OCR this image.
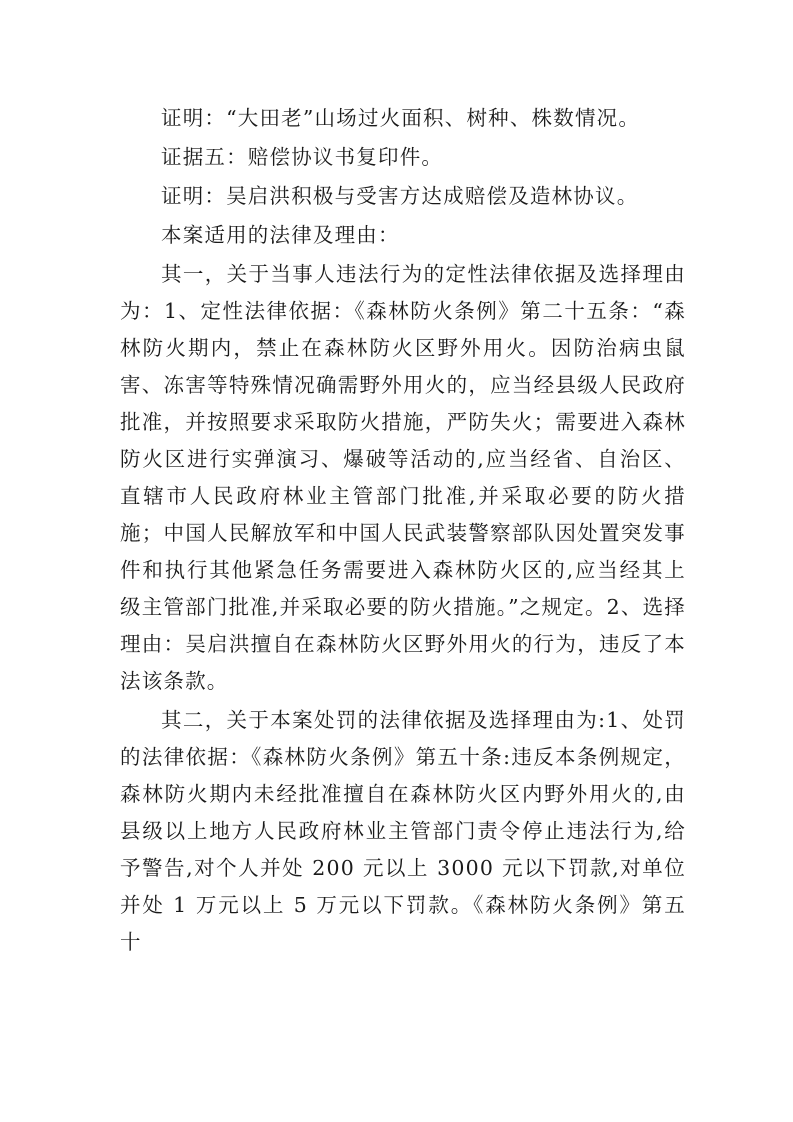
证明：“大田老”山场过火面积、树种、株数情况。

证据五：赔偿协议书复印件。

证明：吴启洪积极与受害方达成赔偿及造林协议。

本案适用的法律及理由：

其一，关于当事人违法行为的定性法律依据及选择理由为：1、定性法律依据：《森林防火条例》第二十五条：“森林防火期内，禁止在森林防火区野外用火。因防治病虫鼠害、冻害等特殊情况确需野外用火的，应当经县级人民政府批准，并按照要求采取防火措施，严防失火；需要进入森林防火区进行实弹演习、爆破等活动的,应当经省、自治区、直辖市人民政府林业主管部门批准,并采取必要的防火措施；中国人民解放军和中国人民武装警察部队因处置突发事件和执行其他紧急任务需要进入森林防火区的,应当经其上级主管部门批准,并采取必要的防火措施。”之规定。2、选择理由：吴启洪擅自在森林防火区野外用火的行为，违反了本法该条款。

其二，关于本案处罚的法律依据及选择理由为:1、处罚的法律依据：《森林防火条例》第五十条:违反本条例规定，森林防火期内未经批准擅自在森林防火区内野外用火的,由县级以上地方人民政府林业主管部门责令停止违法行为,给予警告,对个人并处 200 元以上 3000 元以下罚款,对单位并处 1 万元以上 5 万元以下罚款。《森林防火条例》第五十
